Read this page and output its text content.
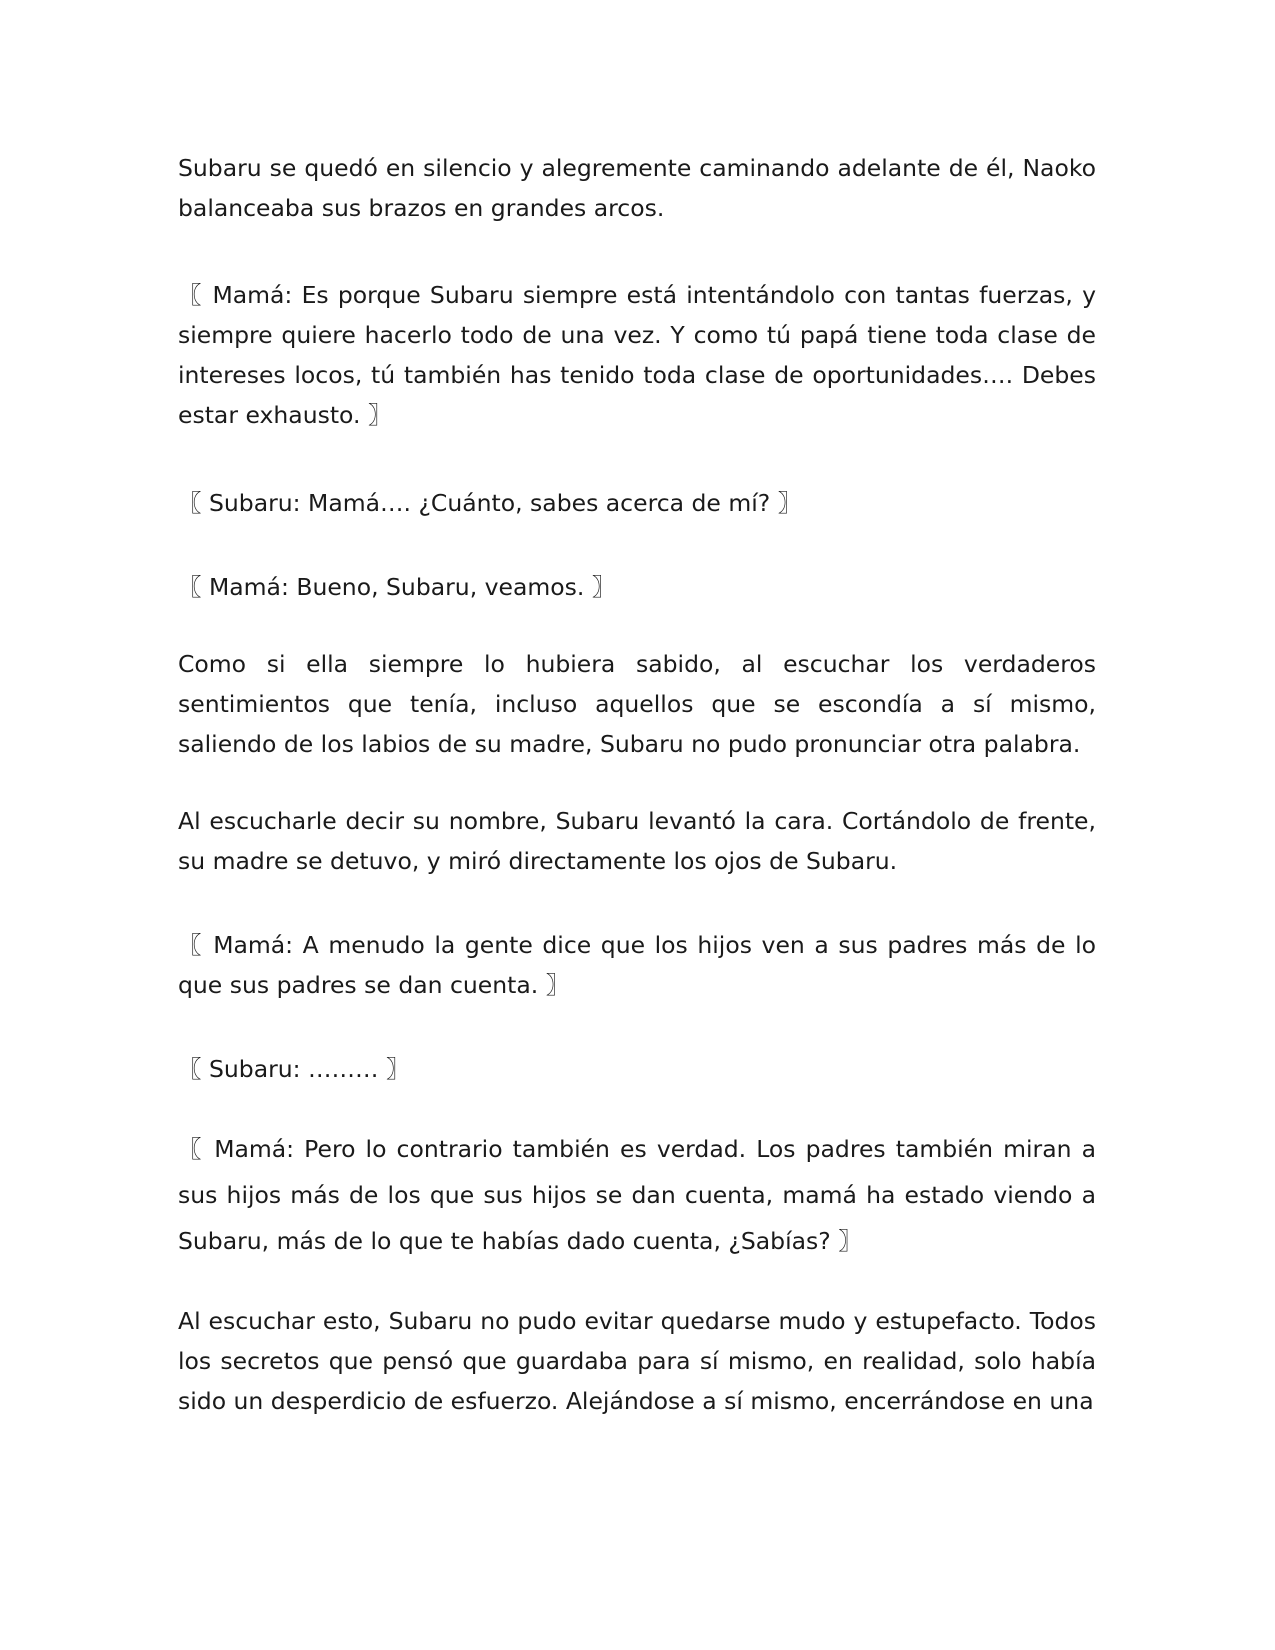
Subaru se quedó en silencio y alegremente caminando adelante de él, Naoko balanceaba sus brazos en grandes arcos.

〖 Mamá: Es porque Subaru siempre está intentándolo con tantas fuerzas, y siempre quiere hacerlo todo de una vez. Y como tú papá tiene toda clase de intereses locos, tú también has tenido toda clase de oportunidades…. Debes estar exhausto. 〗

〖 Subaru: Mamá…. ¿Cuánto, sabes acerca de mí? 〗

〖 Mamá: Bueno, Subaru, veamos. 〗

Como si ella siempre lo hubiera sabido, al escuchar los verdaderos sentimientos que tenía, incluso aquellos que se escondía a sí mismo, saliendo de los labios de su madre, Subaru no pudo pronunciar otra palabra.

Al escucharle decir su nombre, Subaru levantó la cara. Cortándolo de frente, su madre se detuvo, y miró directamente los ojos de Subaru.

〖 Mamá: A menudo la gente dice que los hijos ven a sus padres más de lo que sus padres se dan cuenta. 〗

〖 Subaru: ……… 〗

〖 Mamá: Pero lo contrario también es verdad. Los padres también miran a sus hijos más de los que sus hijos se dan cuenta, mamá ha estado viendo a Subaru, más de lo que te habías dado cuenta, ¿Sabías? 〗

Al escuchar esto, Subaru no pudo evitar quedarse mudo y estupefacto. Todos los secretos que pensó que guardaba para sí mismo, en realidad, solo había sido un desperdicio de esfuerzo. Alejándose a sí mismo, encerrándose en una
